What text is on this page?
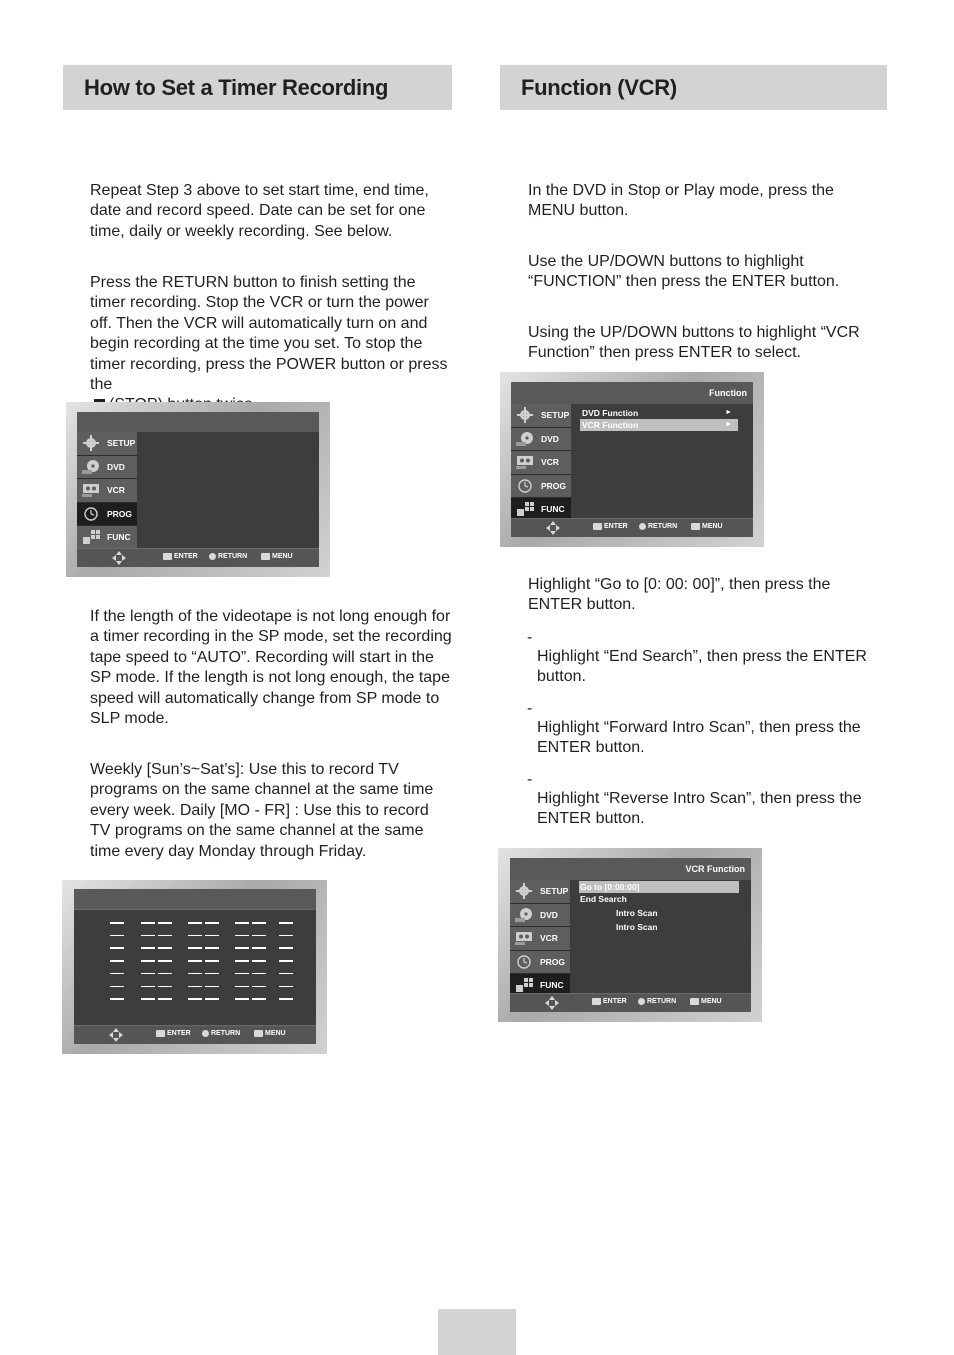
How to Set a Timer Recording

Repeat Step 3 above to set start time, end time, date and record speed. Date can be set for one time, daily or weekly recording. See below.

Press the RETURN button to finish setting the timer recording. Stop the VCR or turn the power off. Then the VCR will automatically turn on and begin recording at the time you set. To stop the timer recording, press the POWER button or press the

SETUP
DVD
VCR
PROG
FUNC
ENTER	RETURN	MENU

If the length of the videotape is not long enough for a timer recording in the SP mode, set the recording tape speed to “AUTO”. Recording will start in the SP mode. If the length is not long enough, the tape speed will automatically change from SP mode to SLP mode.

Weekly [Sun’s~Sat’s]: Use this to record TV programs on the same channel at the same time every week. Daily [MO - FR] : Use this to record TV programs on the same channel at the same time every day Monday through Friday.

ENTER	RETURN	MENU
Function (VCR)

In the DVD in Stop or Play mode, press the MENU button.

Use the UP/DOWN buttons to highlight “FUNCTION” then press the ENTER button.

Using the UP/DOWN buttons to highlight “VCR Function” then press ENTER to select.

Function
SETUP
DVD
VCR
PROG
FUNC
DVD Function	►
VCR Function	►
ENTER	RETURN	MENU

Highlight “Go to [0: 00: 00]”, then press the ENTER button.

-

Highlight “End Search”, then press the ENTER button.

-

Highlight “Forward Intro Scan”, then press the ENTER button.

-

Highlight “Reverse Intro Scan”, then press the ENTER button.

VCR Function
SETUP
DVD
VCR
PROG
FUNC
Go to [0:00:00]
End Search
Intro Scan
Intro Scan
ENTER	RETURN	MENU
